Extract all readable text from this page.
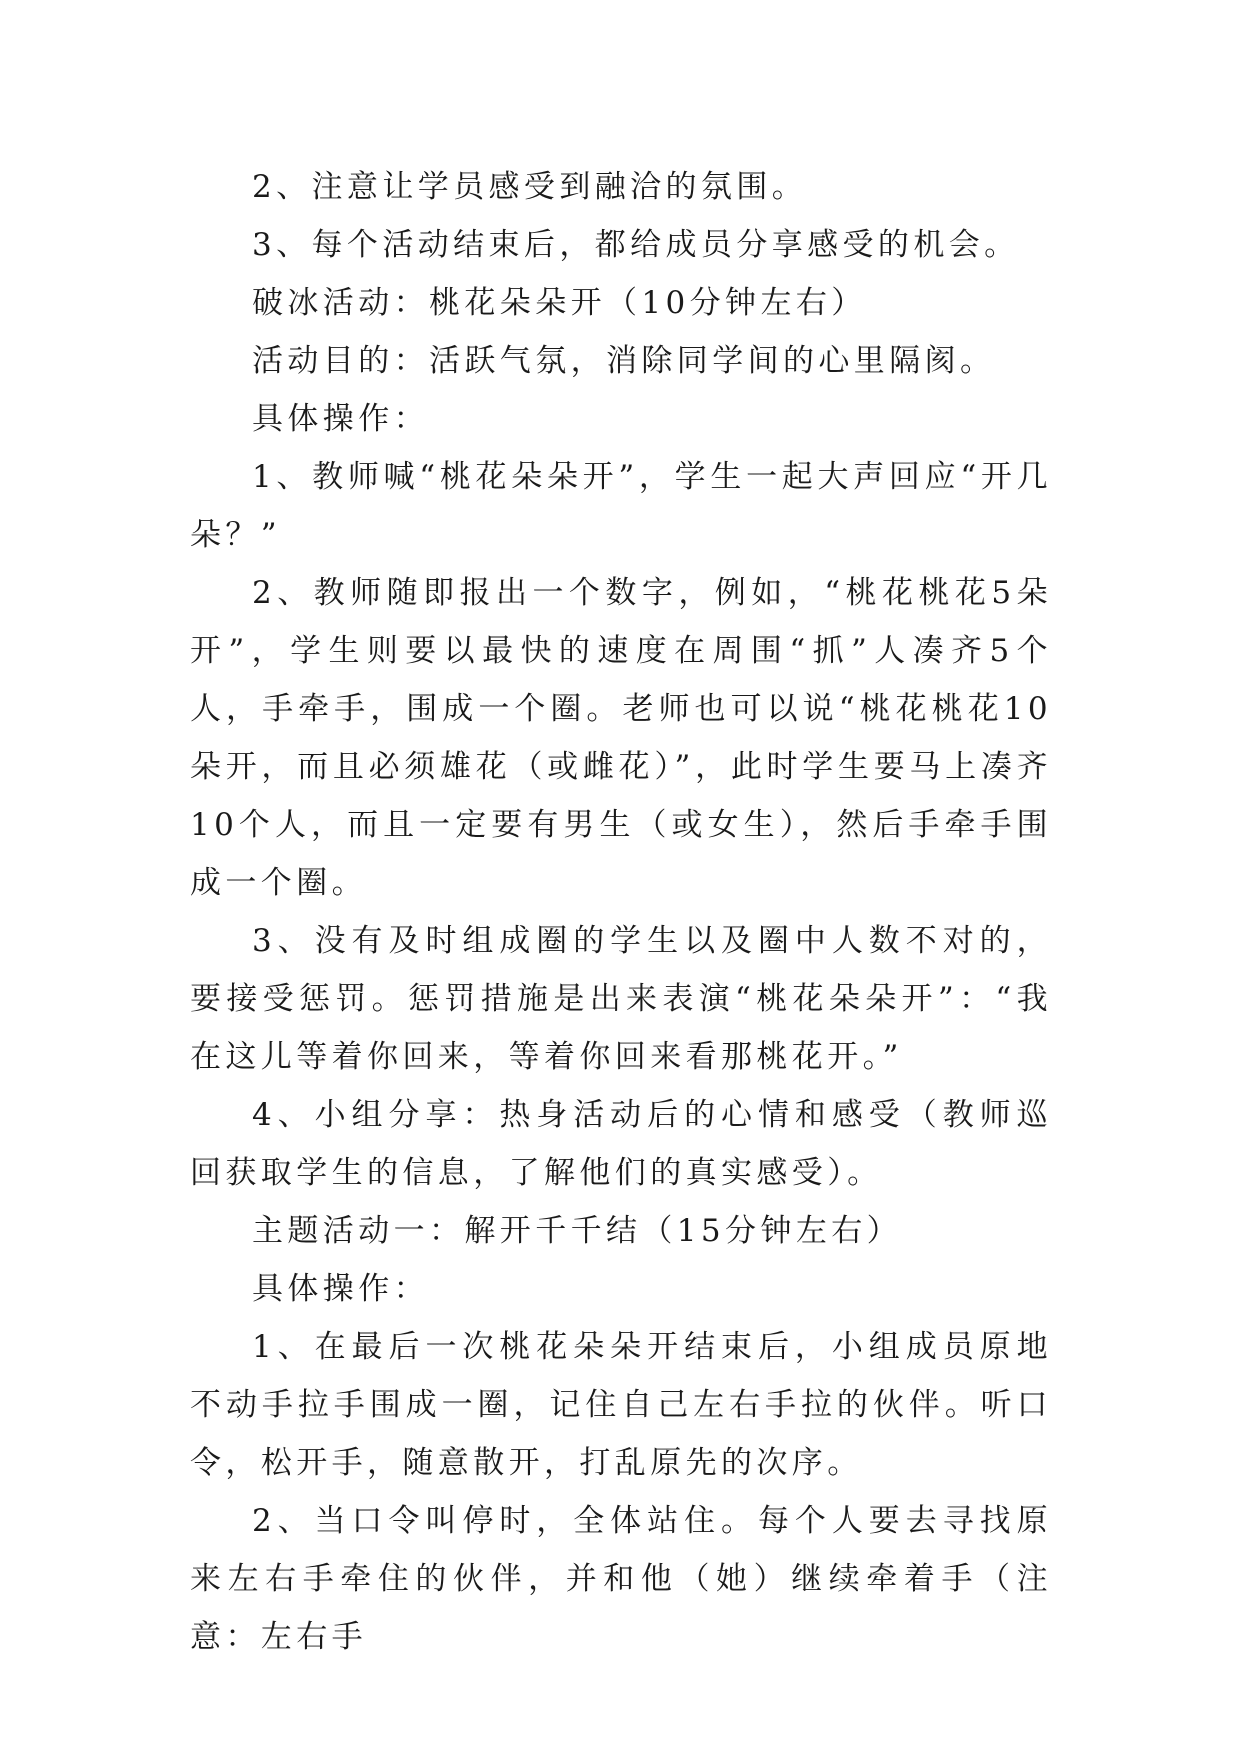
2、注意让学员感受到融洽的氛围。

3、每个活动结束后，都给成员分享感受的机会。

破冰活动：桃花朵朵开（10分钟左右）

活动目的：活跃气氛，消除同学间的心里隔阂。

具体操作：

1、教师喊“桃花朵朵开”，学生一起大声回应“开几朵？”

2、教师随即报出一个数字，例如，“桃花桃花5朵开”，学生则要以最快的速度在周围“抓”人凑齐5个人，手牵手，围成一个圈。老师也可以说“桃花桃花10朵开，而且必须雄花（或雌花）”，此时学生要马上凑齐10个人，而且一定要有男生（或女生），然后手牵手围成一个圈。

3、没有及时组成圈的学生以及圈中人数不对的，要接受惩罚。惩罚措施是出来表演“桃花朵朵开”：“我在这儿等着你回来，等着你回来看那桃花开。”

4、小组分享：热身活动后的心情和感受（教师巡回获取学生的信息，了解他们的真实感受）。

主题活动一：解开千千结（15分钟左右）

具体操作：

1、在最后一次桃花朵朵开结束后，小组成员原地不动手拉手围成一圈，记住自己左右手拉的伙伴。听口令，松开手，随意散开，打乱原先的次序。

2、当口令叫停时，全体站住。每个人要去寻找原来左右手牵住的伙伴，并和他（她）继续牵着手（注意：左右手
